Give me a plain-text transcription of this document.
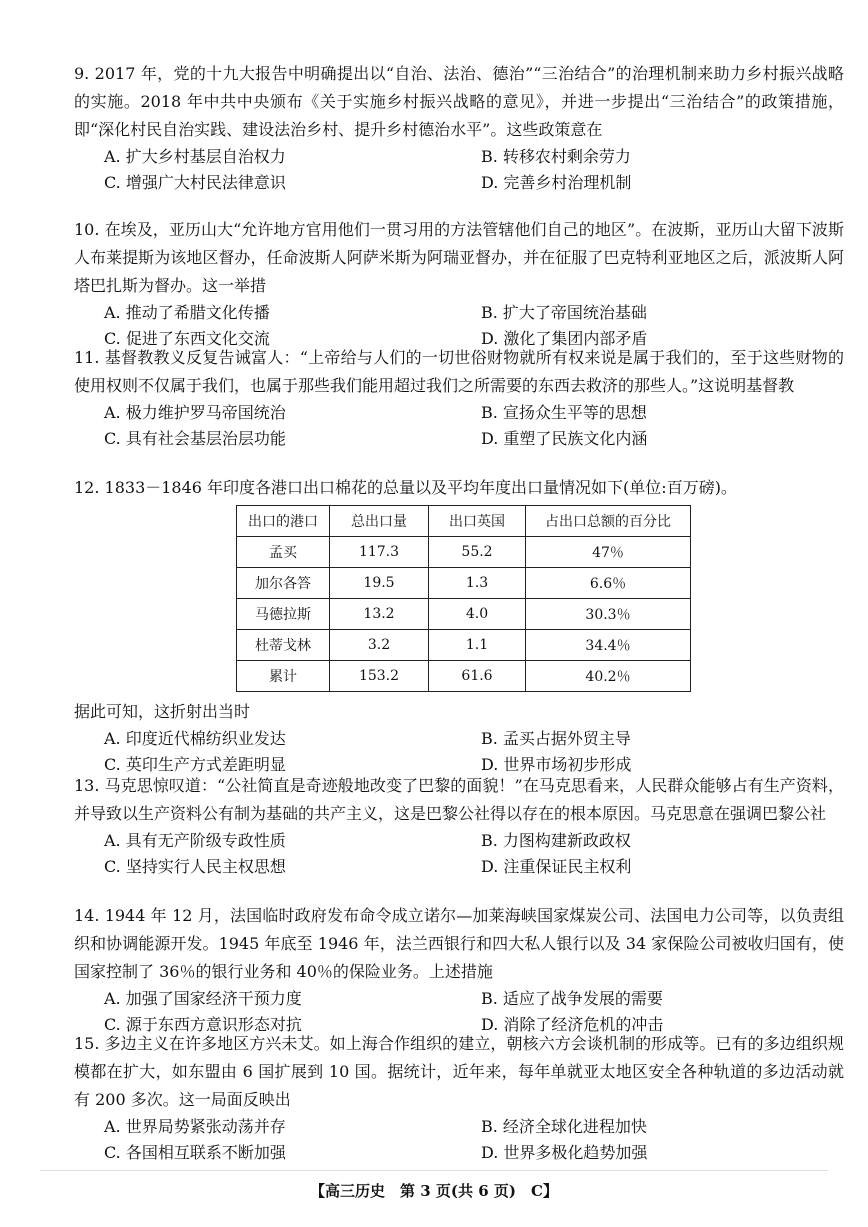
9. 2017 年，党的十九大报告中明确提出以“自治、法治、德治”“三治结合”的治理机制来助力乡村振兴战略的实施。2018 年中共中央颁布《关于实施乡村振兴战略的意见》，并进一步提出“三治结合”的政策措施，即“深化村民自治实践、建设法治乡村、提升乡村德治水平”。这些政策意在
A. 扩大乡村基层自治权力	B. 转移农村剩余劳力
C. 增强广大村民法律意识	D. 完善乡村治理机制
10. 在埃及，亚历山大“允许地方官用他们一贯习用的方法管辖他们自己的地区”。在波斯，亚历山大留下波斯人布莱提斯为该地区督办，任命波斯人阿萨米斯为阿瑞亚督办，并在征服了巴克特利亚地区之后，派波斯人阿塔巴扎斯为督办。这一举措
A. 推动了希腊文化传播	B. 扩大了帝国统治基础
C. 促进了东西文化交流	D. 激化了集团内部矛盾
11. 基督教教义反复告诫富人：“上帝给与人们的一切世俗财物就所有权来说是属于我们的，至于这些财物的使用权则不仅属于我们，也属于那些我们能用超过我们之所需要的东西去救济的那些人。”这说明基督教
A. 极力维护罗马帝国统治	B. 宣扬众生平等的思想
C. 具有社会基层治层功能	D. 重塑了民族文化内涵
12. 1833－1846 年印度各港口出口棉花的总量以及平均年度出口量情况如下(单位:百万磅)。
出口的港口	总出口量	出口英国	占出口总额的百分比
孟买	117.3	55.2	47％
加尔各答	19.5	1.3	6.6％
马德拉斯	13.2	4.0	30.3％
杜蒂戈林	3.2	1.1	34.4％
累计	153.2	61.6	40.2％
据此可知，这折射出当时
A. 印度近代棉纺织业发达	B. 孟买占据外贸主导
C. 英印生产方式差距明显	D. 世界市场初步形成
13. 马克思惊叹道：“公社简直是奇迹般地改变了巴黎的面貌！”在马克思看来，人民群众能够占有生产资料，并导致以生产资料公有制为基础的共产主义，这是巴黎公社得以存在的根本原因。马克思意在强调巴黎公社
A. 具有无产阶级专政性质	B. 力图构建新政政权
C. 坚持实行人民主权思想	D. 注重保证民主权利
14. 1944 年 12 月，法国临时政府发布命令成立诺尔—加莱海峡国家煤炭公司、法国电力公司等，以负责组织和协调能源开发。1945 年底至 1946 年，法兰西银行和四大私人银行以及 34 家保险公司被收归国有，使国家控制了 36％的银行业务和 40％的保险业务。上述措施
A. 加强了国家经济干预力度	B. 适应了战争发展的需要
C. 源于东西方意识形态对抗	D. 消除了经济危机的冲击
15. 多边主义在许多地区方兴未艾。如上海合作组织的建立，朝核六方会谈机制的形成等。已有的多边组织规模都在扩大，如东盟由 6 国扩展到 10 国。据统计，近年来，每年单就亚太地区安全各种轨道的多边活动就有 200 多次。这一局面反映出
A. 世界局势紧张动荡并存	B. 经济全球化进程加快
C. 各国相互联系不断加强	D. 世界多极化趋势加强
【高三历史　第 3 页(共 6 页)　C】
